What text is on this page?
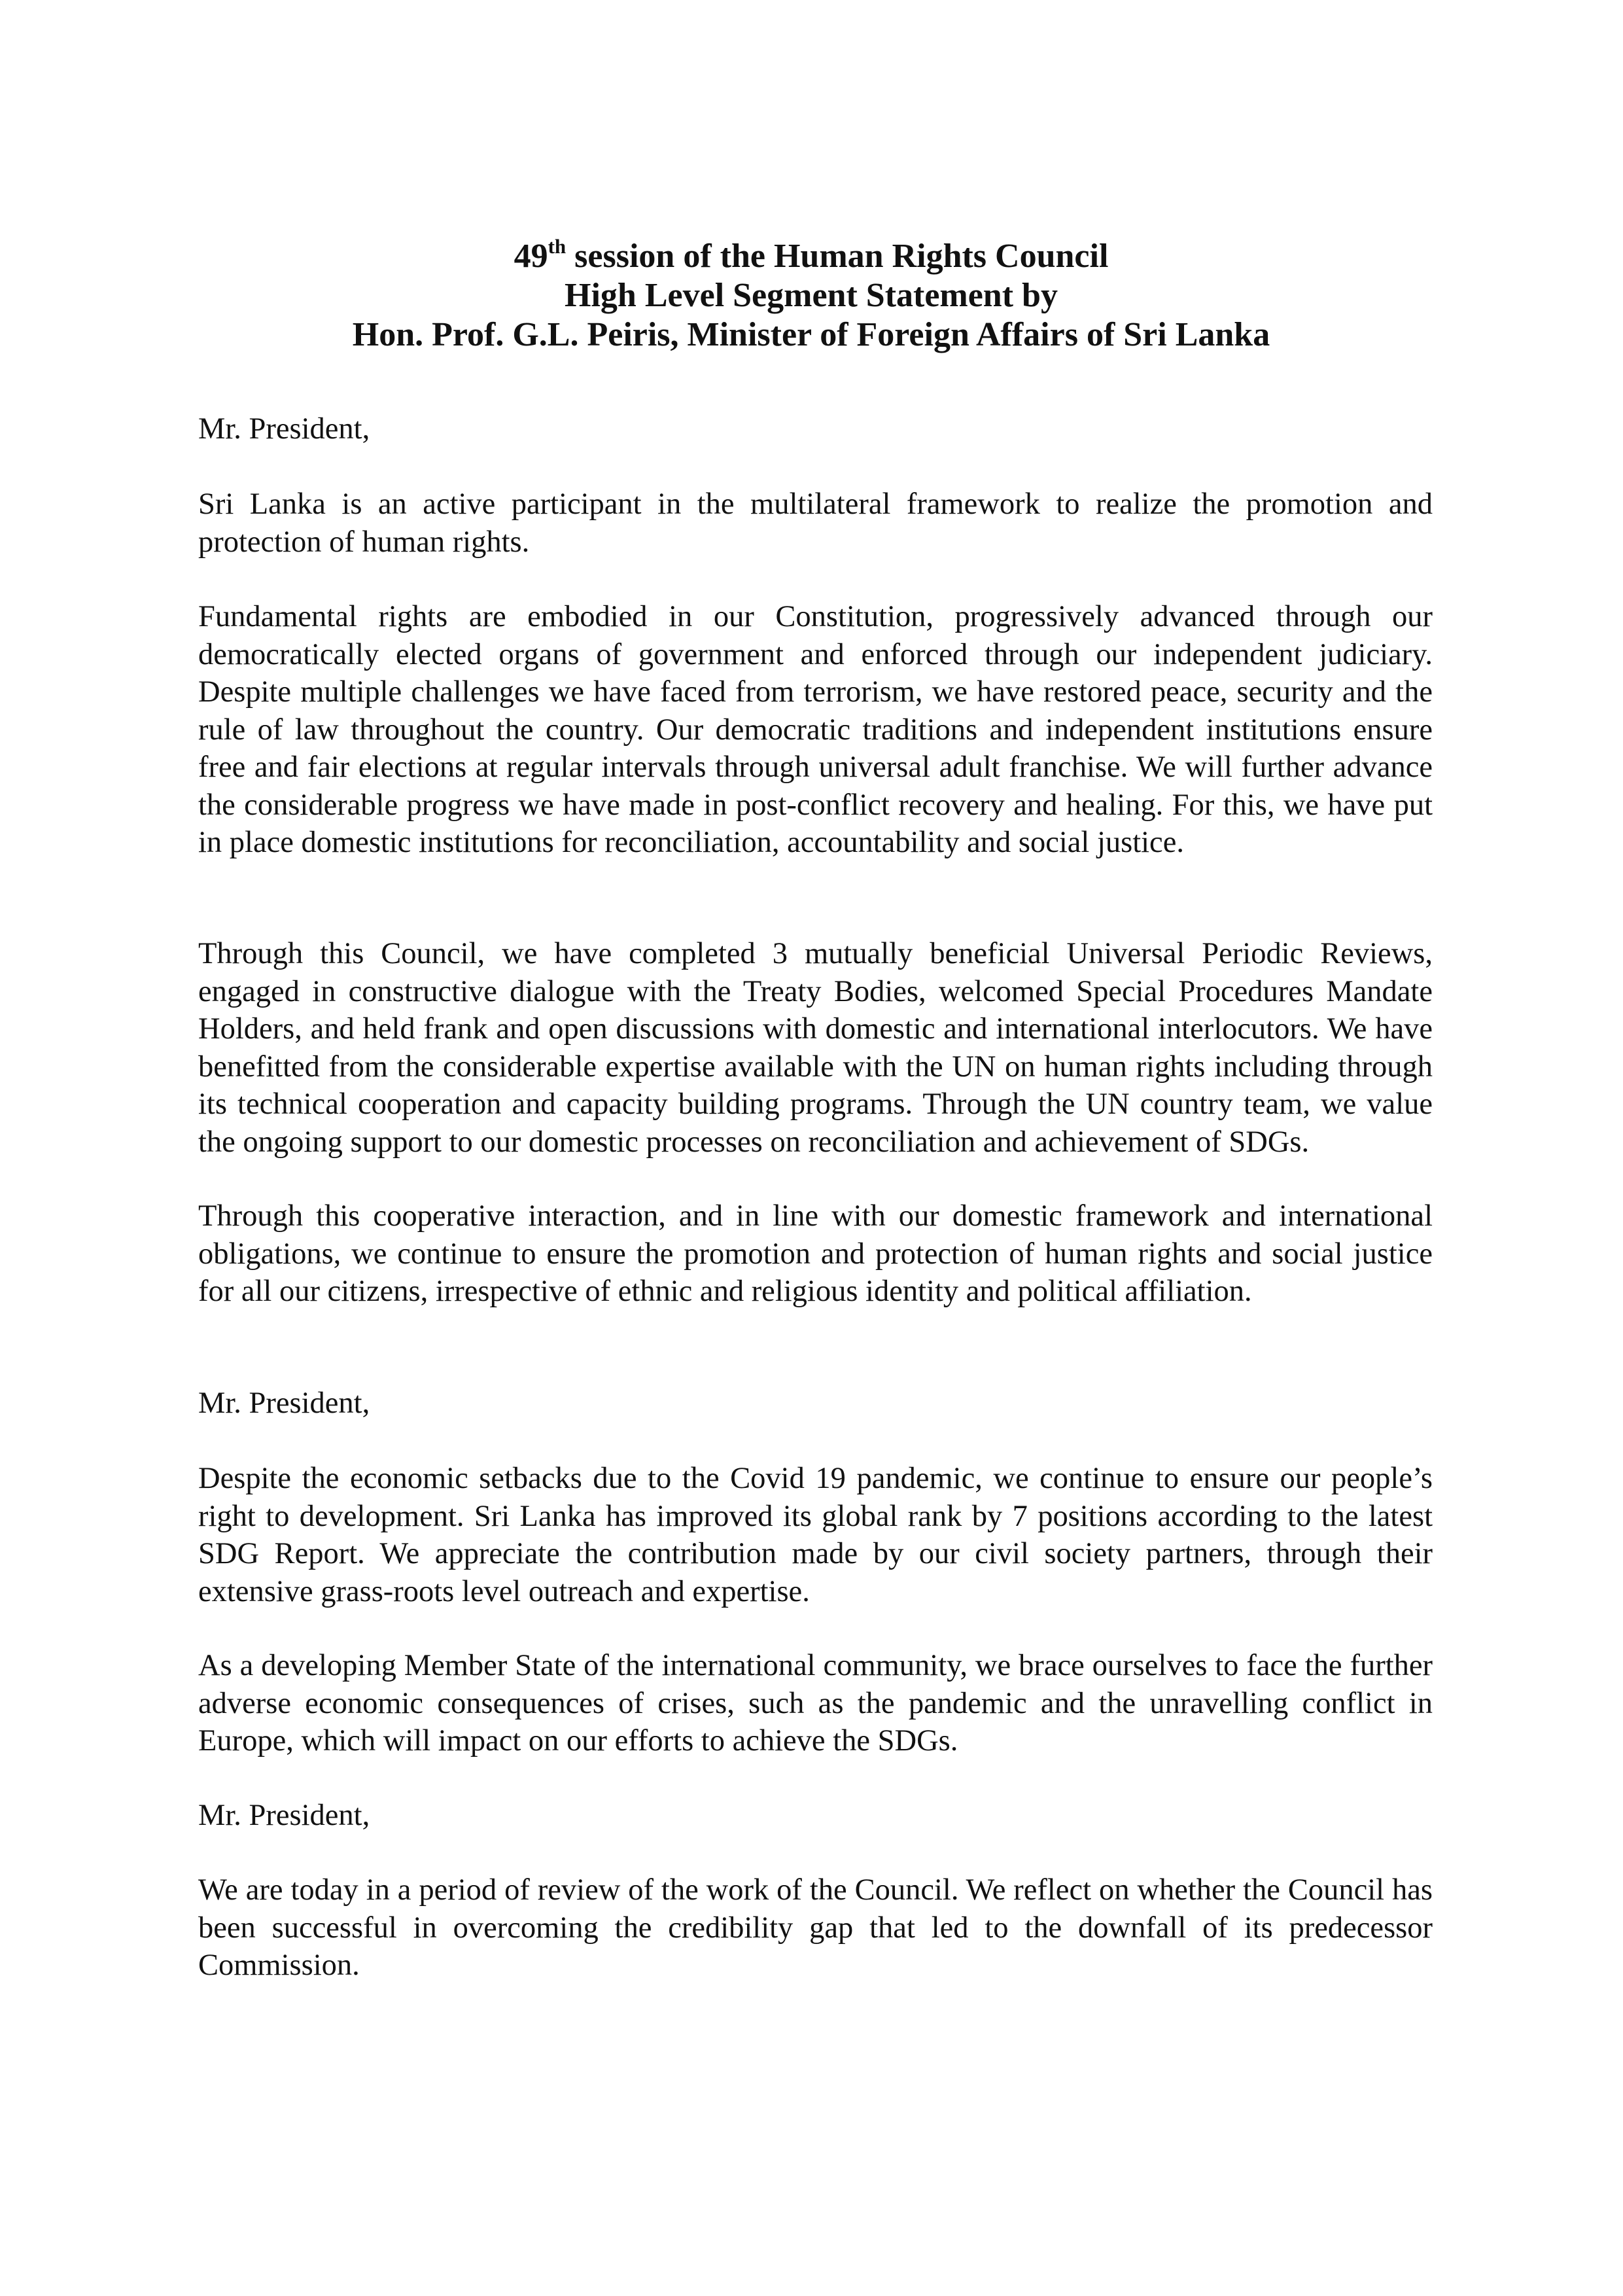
49th session of the Human Rights Council
High Level Segment Statement by
Hon. Prof. G.L. Peiris, Minister of Foreign Affairs of Sri Lanka

Mr. President,

Sri Lanka is an active participant in the multilateral framework to realize the promotion and protection of human rights.

Fundamental rights are embodied in our Constitution, progressively advanced through our democratically elected organs of government and enforced through our independent judiciary. Despite multiple challenges we have faced from terrorism, we have restored peace, security and the rule of law throughout the country. Our democratic traditions and independent institutions ensure free and fair elections at regular intervals through universal adult franchise. We will further advance the considerable progress we have made in post-conflict recovery and healing. For this, we have put in place domestic institutions for reconciliation, accountability and social justice.

Through this Council, we have completed 3 mutually beneficial Universal Periodic Reviews, engaged in constructive dialogue with the Treaty Bodies, welcomed Special Procedures Mandate Holders, and held frank and open discussions with domestic and international interlocutors. We have benefitted from the considerable expertise available with the UN on human rights including through its technical cooperation and capacity building programs. Through the UN country team, we value the ongoing support to our domestic processes on reconciliation and achievement of SDGs.

Through this cooperative interaction, and in line with our domestic framework and international obligations, we continue to ensure the promotion and protection of human rights and social justice for all our citizens, irrespective of ethnic and religious identity and political affiliation.

Mr. President,

Despite the economic setbacks due to the Covid 19 pandemic, we continue to ensure our people’s right to development. Sri Lanka has improved its global rank by 7 positions according to the latest SDG Report. We appreciate the contribution made by our civil society partners, through their extensive grass-roots level outreach and expertise.

As a developing Member State of the international community, we brace ourselves to face the further adverse economic consequences of crises, such as the pandemic and the unravelling conflict in Europe, which will impact on our efforts to achieve the SDGs.

Mr. President,

We are today in a period of review of the work of the Council. We reflect on whether the Council has been successful in overcoming the credibility gap that led to the downfall of its predecessor Commission.
